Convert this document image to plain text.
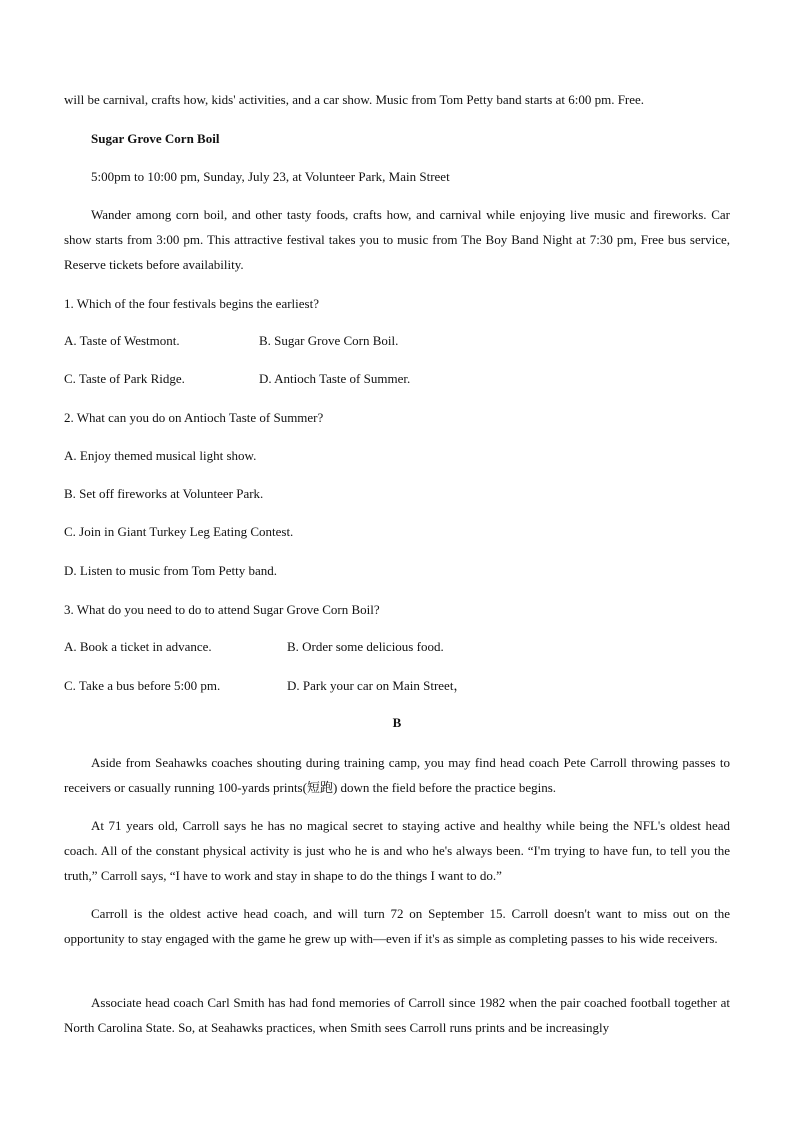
will be carnival, crafts how, kids' activities, and a car show. Music from Tom Petty band starts at 6:00 pm. Free.

Sugar Grove Corn Boil

5:00pm to 10:00 pm, Sunday, July 23, at Volunteer Park, Main Street

Wander among corn boil, and other tasty foods, crafts how, and carnival while enjoying live music and fireworks. Car show starts from 3:00 pm. This attractive festival takes you to music from The Boy Band Night at 7:30 pm, Free bus service, Reserve tickets before availability.

1. Which of the four festivals begins the earliest?

A. Taste of Westmont.	B. Sugar Grove Corn Boil.
C. Taste of Park Ridge.	D. Antioch Taste of Summer.

2. What can you do on Antioch Taste of Summer?

A. Enjoy themed musical light show.
B. Set off fireworks at Volunteer Park.
C. Join in Giant Turkey Leg Eating Contest.
D. Listen to music from Tom Petty band.

3. What do you need to do to attend Sugar Grove Corn Boil?

A. Book a ticket in advance.	B. Order some delicious food.
C. Take a bus before 5:00 pm.	D. Park your car on Main Street，
B

Aside from Seahawks coaches shouting during training camp, you may find head coach Pete Carroll throwing passes to receivers or casually running 100-yards prints(短跑) down the field before the practice begins.

At 71 years old, Carroll says he has no magical secret to staying active and healthy while being the NFL's oldest head coach. All of the constant physical activity is just who he is and who he's always been. “I'm trying to have fun, to tell you the truth,” Carroll says, “I have to work and stay in shape to do the things I want to do.”

Carroll is the oldest active head coach, and will turn 72 on September 15. Carroll doesn't want to miss out on the opportunity to stay engaged with the game he grew up with—even if it's as simple as completing passes to his wide receivers.

Associate head coach Carl Smith has had fond memories of Carroll since 1982 when the pair coached football together at North Carolina State. So, at Seahawks practices, when Smith sees Carroll runs prints and be increasingly
